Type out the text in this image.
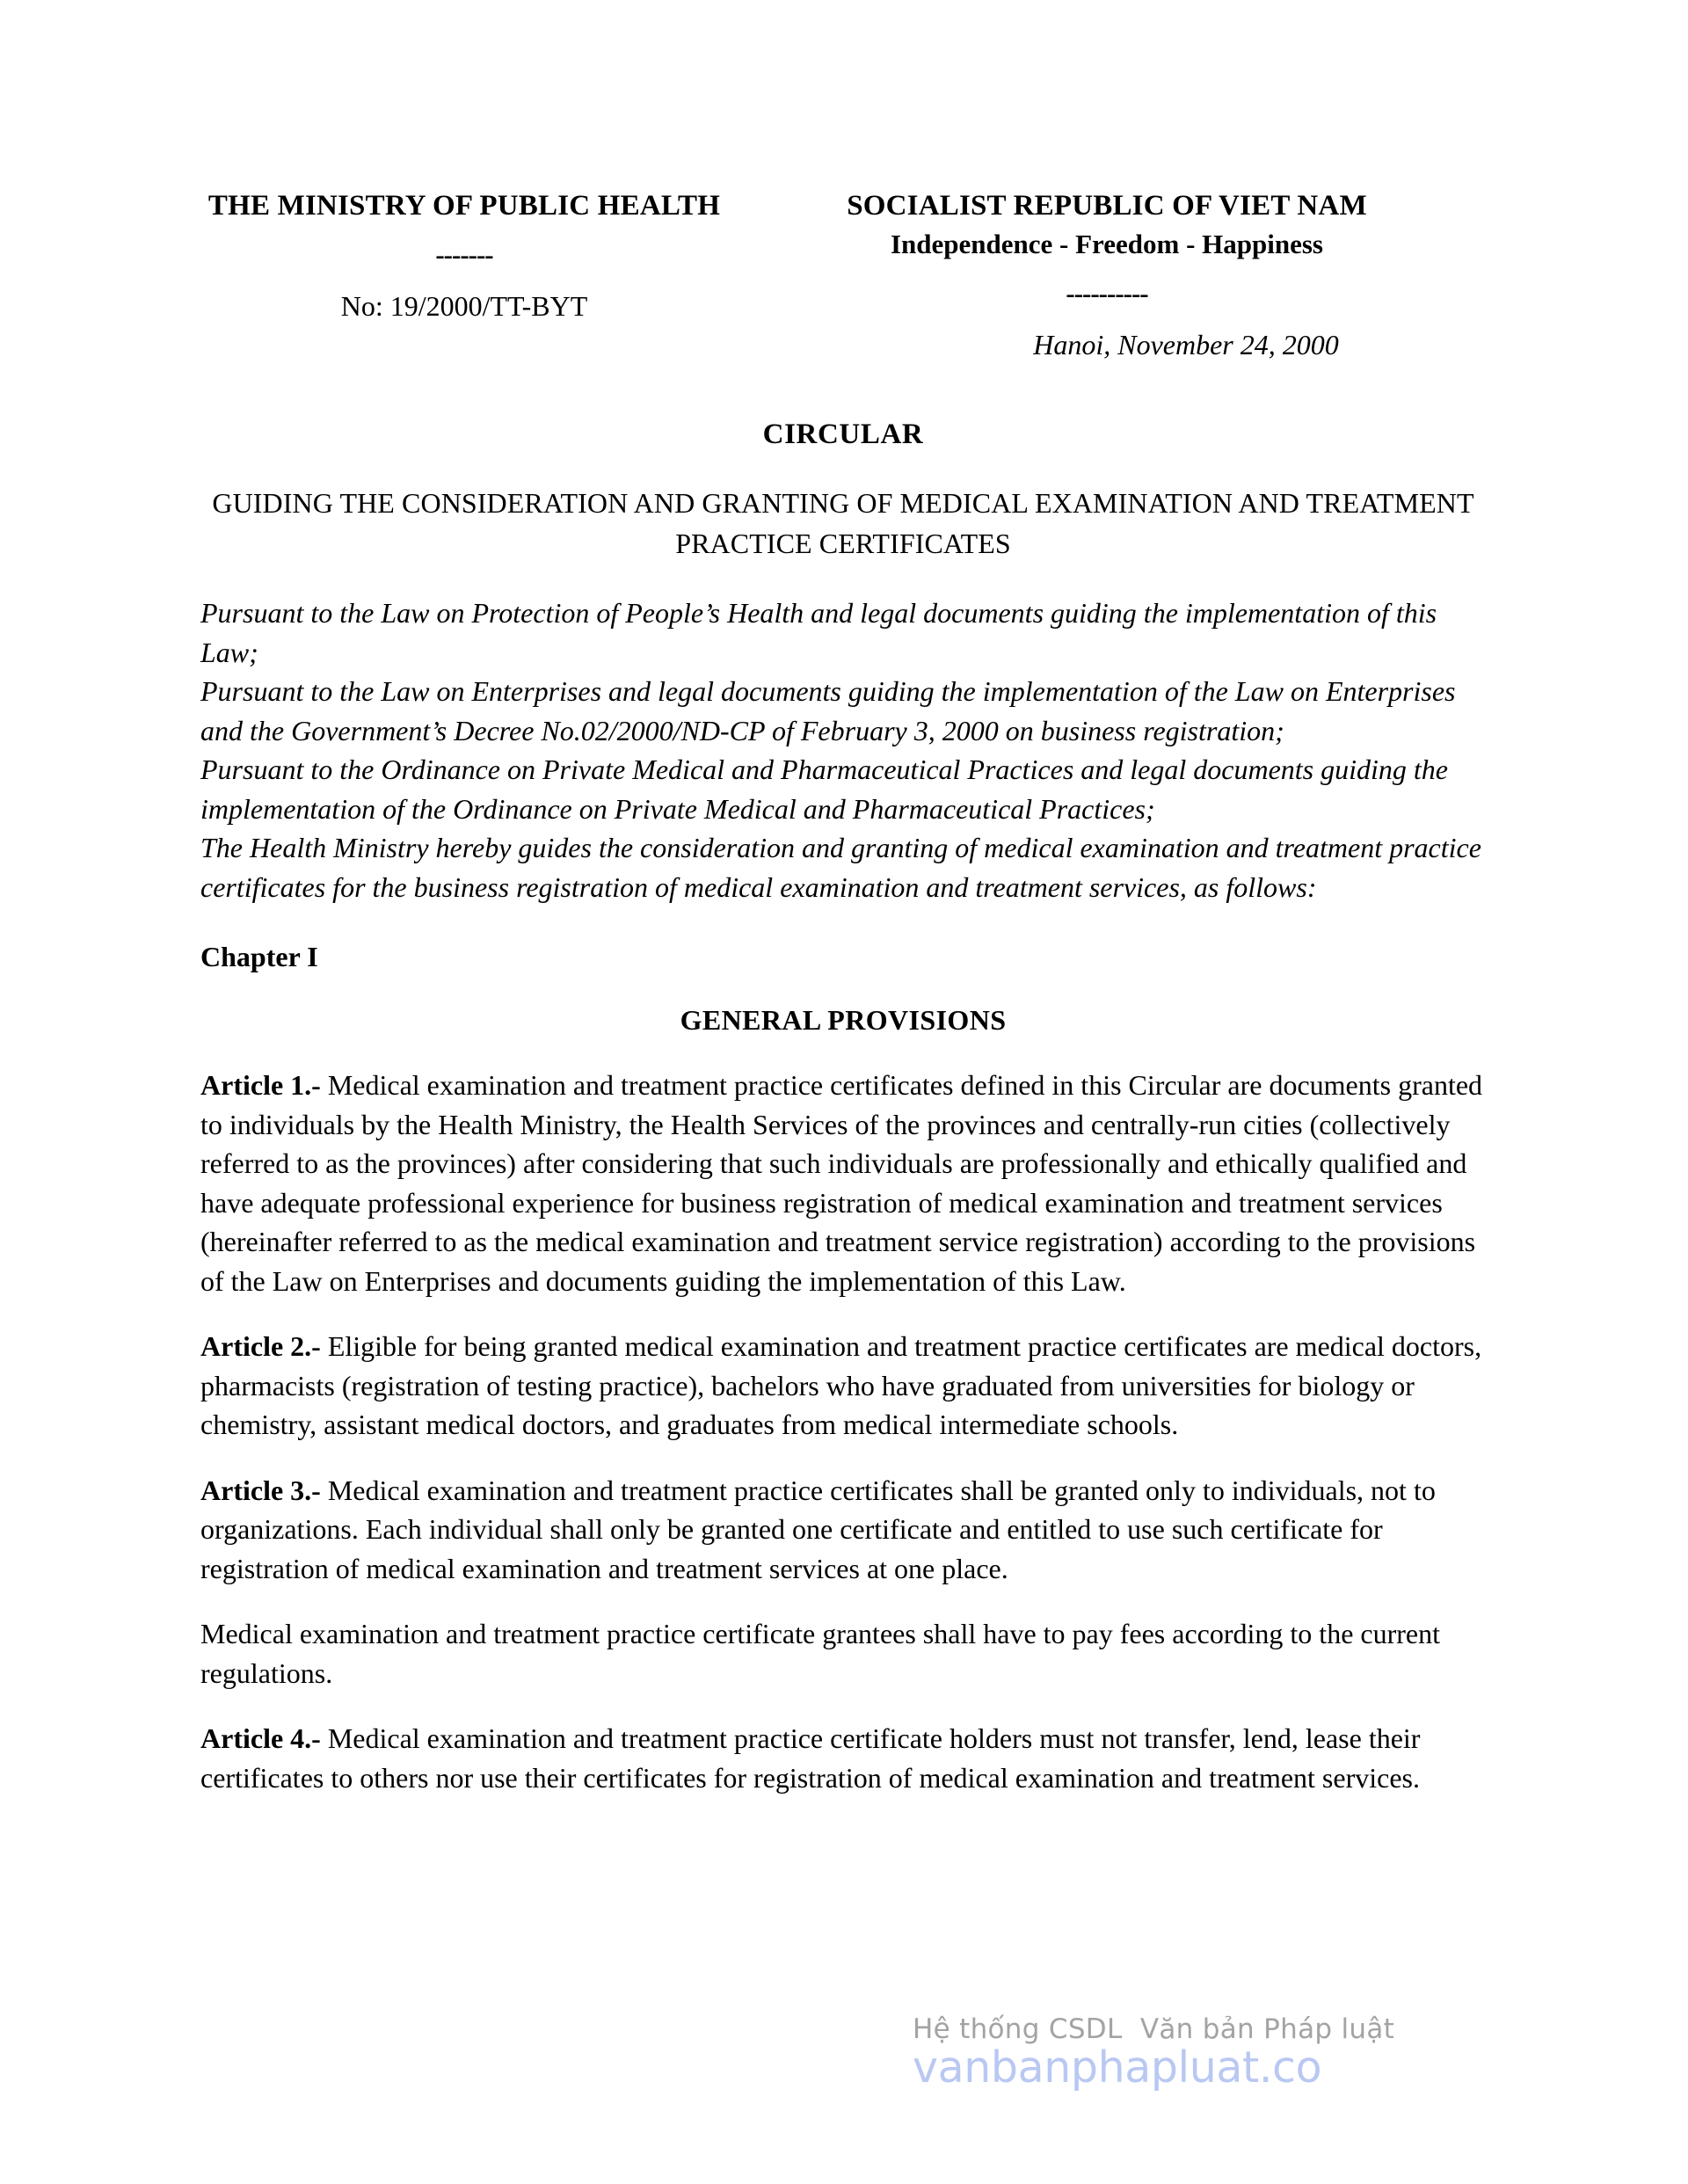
THE MINISTRY OF PUBLIC HEALTH
-------
No: 19/2000/TT-BYT
SOCIALIST REPUBLIC OF VIET NAM
Independence - Freedom - Happiness
----------
Hanoi, November 24, 2000
CIRCULAR
GUIDING THE CONSIDERATION AND GRANTING OF MEDICAL EXAMINATION AND TREATMENT PRACTICE CERTIFICATES

Pursuant to the Law on Protection of People’s Health and legal documents guiding the implementation of this Law;

Pursuant to the Law on Enterprises and legal documents guiding the implementation of the Law on Enterprises and the Government’s Decree No.02/2000/ND-CP of February 3, 2000 on business registration;

Pursuant to the Ordinance on Private Medical and Pharmaceutical Practices and legal documents guiding the implementation of the Ordinance on Private Medical and Pharmaceutical Practices;

The Health Ministry hereby guides the consideration and granting of medical examination and treatment practice certificates for the business registration of medical examination and treatment services, as follows:

Chapter I
GENERAL PROVISIONS
Article 1.- Medical examination and treatment practice certificates defined in this Circular are documents granted to individuals by the Health Ministry, the Health Services of the provinces and centrally-run cities (collectively referred to as the provinces) after considering that such individuals are professionally and ethically qualified and have adequate professional experience for business registration of medical examination and treatment services (hereinafter referred to as the medical examination and treatment service registration) according to the provisions of the Law on Enterprises and documents guiding the implementation of this Law.
Article 2.- Eligible for being granted medical examination and treatment practice certificates are medical doctors, pharmacists (registration of testing practice), bachelors who have graduated from universities for biology or chemistry, assistant medical doctors, and graduates from medical intermediate schools.
Article 3.- Medical examination and treatment practice certificates shall be granted only to individuals, not to organizations. Each individual shall only be granted one certificate and entitled to use such certificate for registration of medical examination and treatment services at one place.
Medical examination and treatment practice certificate grantees shall have to pay fees according to the current regulations.
Article 4.- Medical examination and treatment practice certificate holders must not transfer, lend, lease their certificates to others nor use their certificates for registration of medical examination and treatment services.
Hệ thống CSDL  Văn bản Pháp luật
vanbanphapluat.co
